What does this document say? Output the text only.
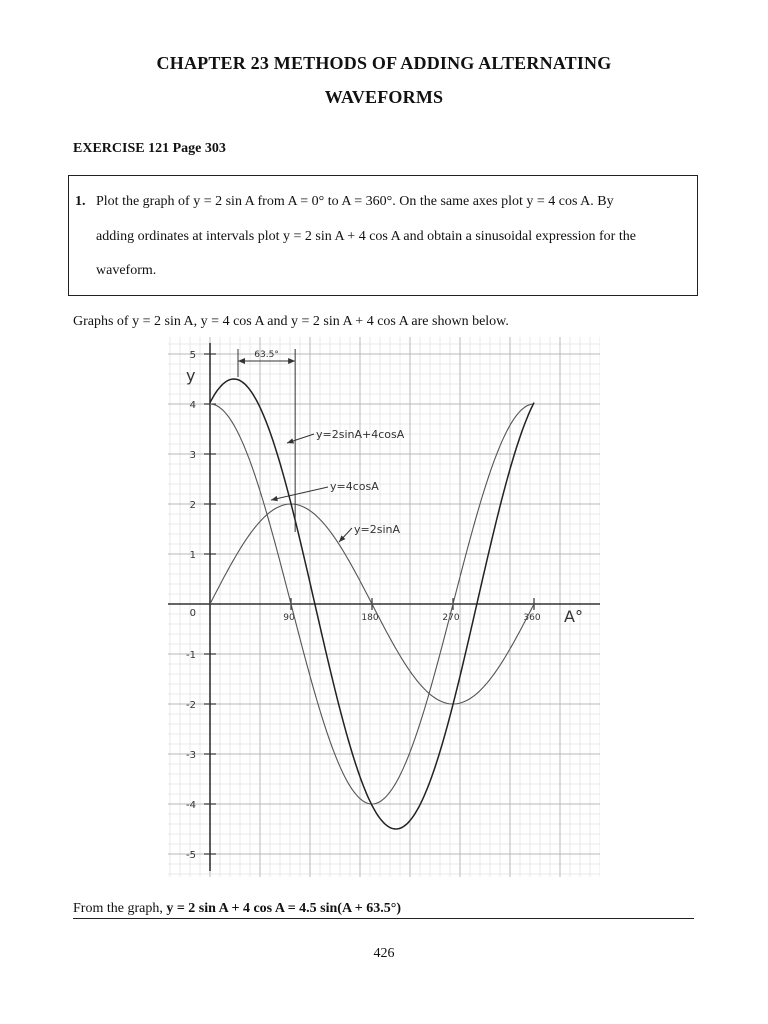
CHAPTER 23 METHODS OF ADDING ALTERNATING
WAVEFORMS
EXERCISE 121 Page 303
1. Plot the graph of y = 2 sin A from A = 0° to A = 360°. On the same axes plot y = 4 cos A. By
adding ordinates at intervals plot y = 2 sin A + 4 cos A and obtain a sinusoidal expression for the
waveform.
Graphs of y = 2 sin A, y = 4 cos A and y = 2 sin A + 4 cos A are shown below.
5
4
3
2
1
0
-1
-2
-3
-4
-5
90	180	270	360
y
A°
y=2sinA
y=4cosA
y=2sinA+4cosA
63.5°
From the graph, y = 2 sin A + 4 cos A = 4.5 sin(A + 63.5°)
426
